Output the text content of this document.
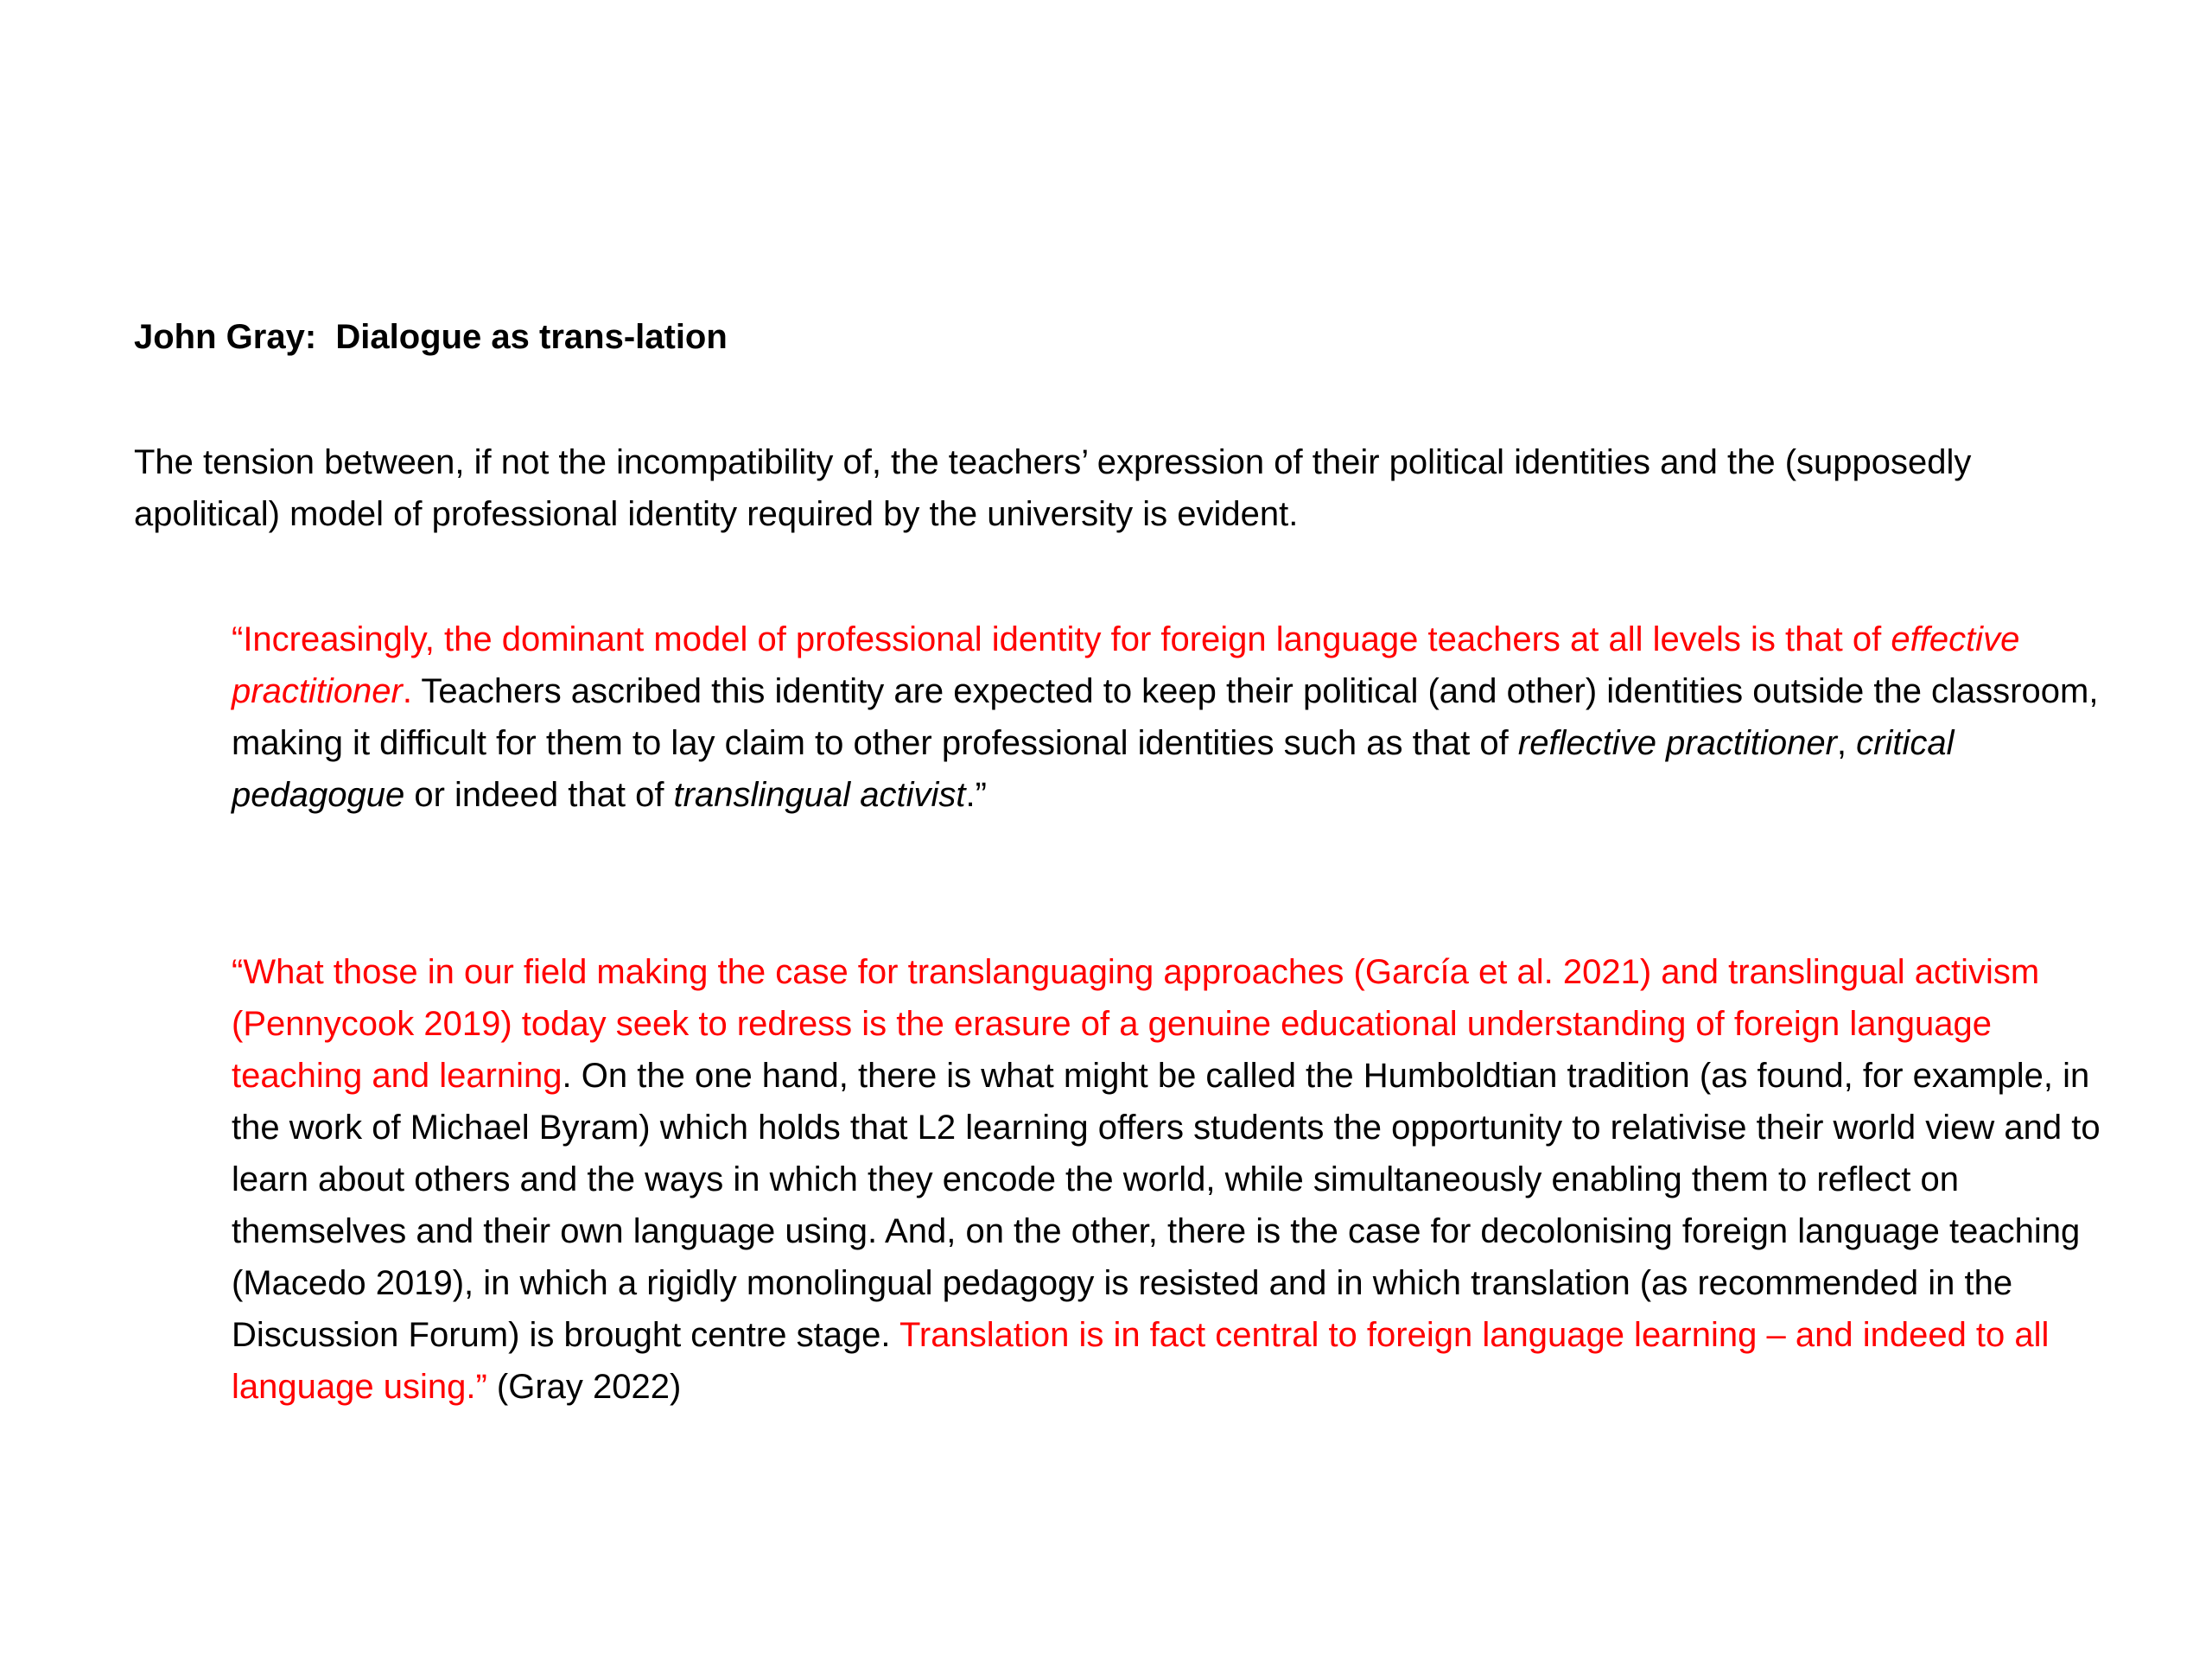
John Gray:  Dialogue as trans-lation

The tension between, if not the incompatibility of, the teachers’ expression of their political identities and the (supposedly apolitical) model of professional identity required by the university is evident.

“Increasingly, the dominant model of professional identity for foreign language teachers at all levels is that of effective practitioner. Teachers ascribed this identity are expected to keep their political (and other) identities outside the classroom, making it difficult for them to lay claim to other professional identities such as that of reflective practitioner, critical pedagogue or indeed that of translingual activist.”

“What those in our field making the case for translanguaging approaches (García et al. 2021) and translingual activism (Pennycook 2019) today seek to redress is the erasure of a genuine educational understanding of foreign language teaching and learning. On the one hand, there is what might be called the Humboldtian tradition (as found, for example, in the work of Michael Byram) which holds that L2 learning offers students the opportunity to relativise their world view and to learn about others and the ways in which they encode the world, while simultaneously enabling them to reflect on themselves and their own language using. And, on the other, there is the case for decolonising foreign language teaching (Macedo 2019), in which a rigidly monolingual pedagogy is resisted and in which translation (as recommended in the Discussion Forum) is brought centre stage. Translation is in fact central to foreign language learning – and indeed to all language using.” (Gray 2022)
